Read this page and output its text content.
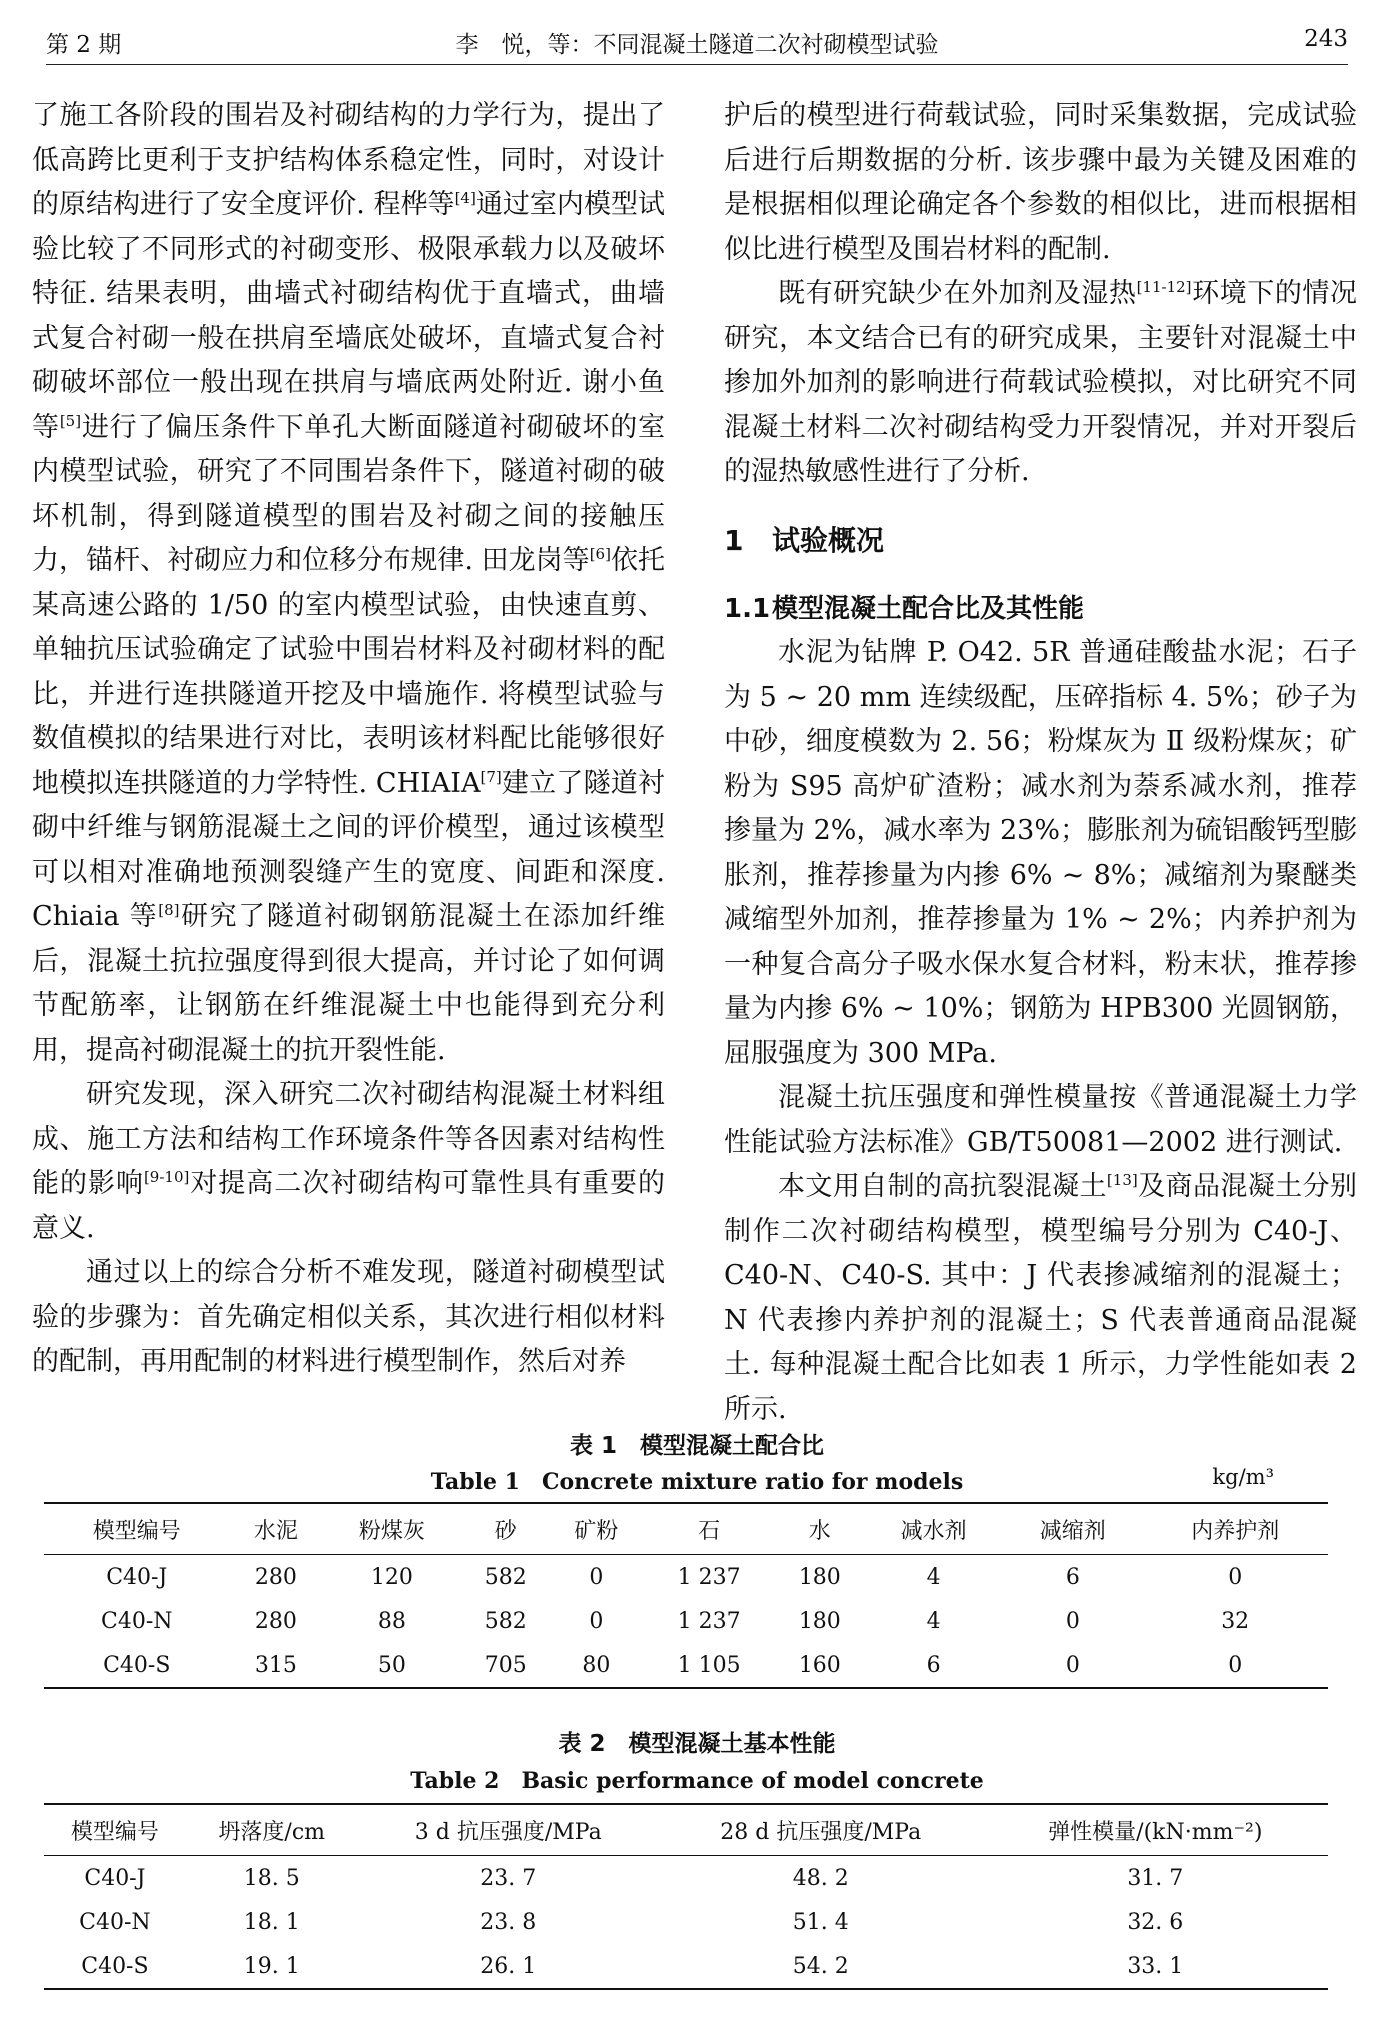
第 2 期	李　悦，等：不同混凝土隧道二次衬砌模型试验	243

了施工各阶段的围岩及衬砌结构的力学行为，提出了低高跨比更利于支护结构体系稳定性，同时，对设计的原结构进行了安全度评价. 程桦等[4]通过室内模型试验比较了不同形式的衬砌变形、极限承载力以及破坏特征. 结果表明，曲墙式衬砌结构优于直墙式，曲墙式复合衬砌一般在拱肩至墙底处破坏，直墙式复合衬砌破坏部位一般出现在拱肩与墙底两处附近. 谢小鱼等[5]进行了偏压条件下单孔大断面隧道衬砌破坏的室内模型试验，研究了不同围岩条件下，隧道衬砌的破坏机制，得到隧道模型的围岩及衬砌之间的接触压力，锚杆、衬砌应力和位移分布规律. 田龙岗等[6]依托某高速公路的 1/50 的室内模型试验，由快速直剪、单轴抗压试验确定了试验中围岩材料及衬砌材料的配比，并进行连拱隧道开挖及中墙施作. 将模型试验与数值模拟的结果进行对比，表明该材料配比能够很好地模拟连拱隧道的力学特性. CHIAIA[7]建立了隧道衬砌中纤维与钢筋混凝土之间的评价模型，通过该模型可以相对准确地预测裂缝产生的宽度、间距和深度. Chiaia 等[8]研究了隧道衬砌钢筋混凝土在添加纤维后，混凝土抗拉强度得到很大提高，并讨论了如何调节配筋率，让钢筋在纤维混凝土中也能得到充分利用，提高衬砌混凝土的抗开裂性能.

研究发现，深入研究二次衬砌结构混凝土材料组成、施工方法和结构工作环境条件等各因素对结构性能的影响[9-10]对提高二次衬砌结构可靠性具有重要的意义.

通过以上的综合分析不难发现，隧道衬砌模型试验的步骤为：首先确定相似关系，其次进行相似材料的配制，再用配制的材料进行模型制作，然后对养

护后的模型进行荷载试验，同时采集数据，完成试验后进行后期数据的分析. 该步骤中最为关键及困难的是根据相似理论确定各个参数的相似比，进而根据相似比进行模型及围岩材料的配制.

既有研究缺少在外加剂及湿热[11-12]环境下的情况研究，本文结合已有的研究成果，主要针对混凝土中掺加外加剂的影响进行荷载试验模拟，对比研究不同混凝土材料二次衬砌结构受力开裂情况，并对开裂后的湿热敏感性进行了分析.

1 试验概况

1.1模型混凝土配合比及其性能

水泥为钻牌 P. O42. 5R 普通硅酸盐水泥；石子为 5 ~ 20 mm 连续级配，压碎指标 4. 5%；砂子为中砂，细度模数为 2. 56；粉煤灰为 Ⅱ 级粉煤灰；矿粉为 S95 高炉矿渣粉；减水剂为萘系减水剂，推荐掺量为 2%，减水率为 23%；膨胀剂为硫铝酸钙型膨胀剂，推荐掺量为内掺 6% ~ 8%；减缩剂为聚醚类减缩型外加剂，推荐掺量为 1% ~ 2%；内养护剂为一种复合高分子吸水保水复合材料，粉末状，推荐掺量为内掺 6% ~ 10%；钢筋为 HPB300 光圆钢筋，屈服强度为 300 MPa.

混凝土抗压强度和弹性模量按《普通混凝土力学性能试验方法标准》GB/T50081—2002 进行测试.

本文用自制的高抗裂混凝土[13]及商品混凝土分别制作二次衬砌结构模型，模型编号分别为 C40-J、C40-N、C40-S. 其中：J 代表掺减缩剂的混凝土；N 代表掺内养护剂的混凝土；S 代表普通商品混凝土. 每种混凝土配合比如表 1 所示，力学性能如表 2 所示.

表 1　模型混凝土配合比
Table 1　Concrete mixture ratio for models	kg/m³
模型编号	水泥	粉煤灰	砂	矿粉	石	水	减水剂	减缩剂	内养护剂
C40-J	280	120	582	0	1 237	180	4	6	0
C40-N	280	88	582	0	1 237	180	4	0	32
C40-S	315	50	705	80	1 105	160	6	0	0
表 2　模型混凝土基本性能
Table 2　Basic performance of model concrete
模型编号	坍落度/cm	3 d 抗压强度/MPa	28 d 抗压强度/MPa	弹性模量/(kN·mm⁻²)
C40-J	18. 5	23. 7	48. 2	31. 7
C40-N	18. 1	23. 8	51. 4	32. 6
C40-S	19. 1	26. 1	54. 2	33. 1
